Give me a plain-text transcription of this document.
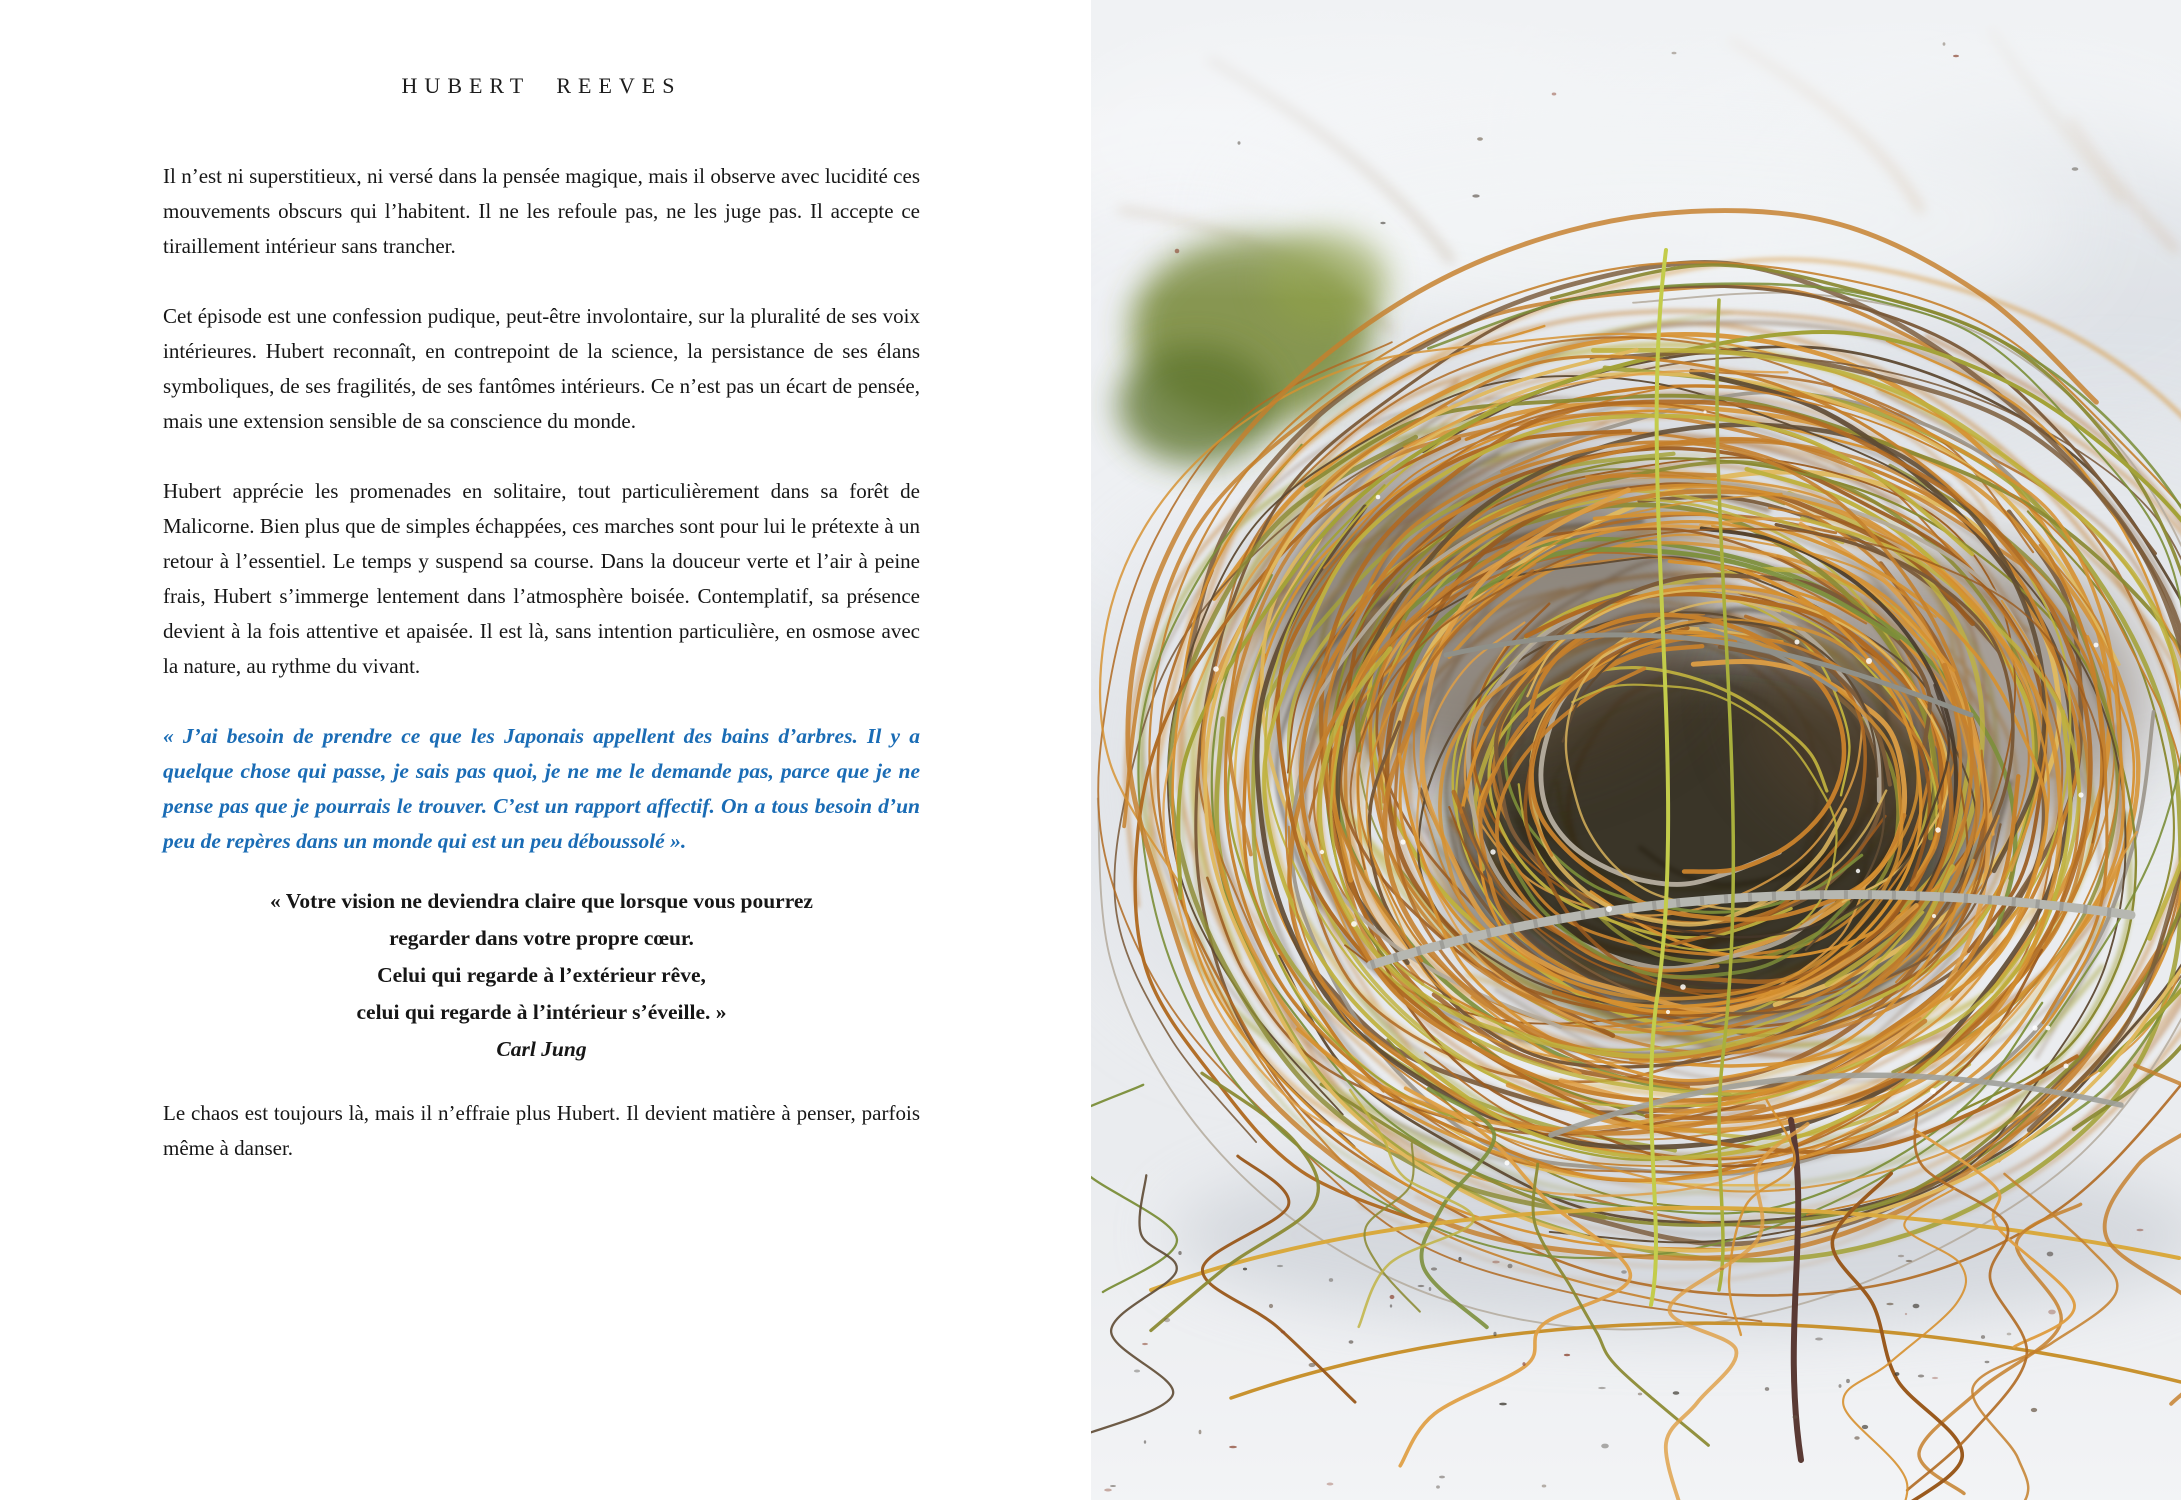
HUBERT REEVES

Il n’est ni superstitieux, ni versé dans la pensée magique, mais il observe avec lucidité ces mouvements obscurs qui l’habitent. Il ne les refoule pas, ne les juge pas. Il accepte ce tiraillement intérieur sans trancher.

Cet épisode est une confession pudique, peut-être involontaire, sur la pluralité de ses voix intérieures. Hubert reconnaît, en contrepoint de la science, la persistance de ses élans symboliques, de ses fragilités, de ses fantômes intérieurs. Ce n’est pas un écart de pensée, mais une extension sensible de sa conscience du monde.

Hubert apprécie les promenades en solitaire, tout particulièrement dans sa forêt de Malicorne. Bien plus que de simples échappées, ces marches sont pour lui le prétexte à un retour à l’essentiel. Le temps y suspend sa course. Dans la douceur verte et l’air à peine frais, Hubert s’immerge lentement dans l’atmosphère boisée. Contemplatif, sa présence devient à la fois attentive et apaisée. Il est là, sans intention particulière, en osmose avec la nature, au rythme du vivant.

« J’ai besoin de prendre ce que les Japonais appellent des bains d’arbres. Il y a quelque chose qui passe, je sais pas quoi, je ne me le demande pas, parce que je ne pense pas que je pourrais le trouver. C’est un rapport affectif. On a tous besoin d’un peu de repères dans un monde qui est un peu déboussolé ».

« Votre vision ne deviendra claire que lorsque vous pourrez
regarder dans votre propre cœur.
Celui qui regarde à l’extérieur rêve,
celui qui regarde à l’intérieur s’éveille. »
Carl Jung

Le chaos est toujours là, mais il n’effraie plus Hubert. Il devient matière à penser, parfois même à danser.
